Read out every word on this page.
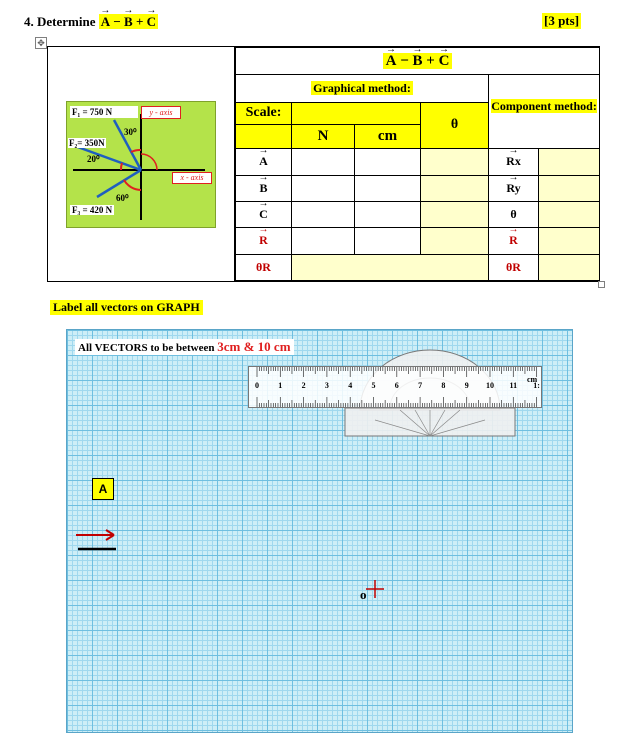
4. Determine → A − → B + → C	[3 pts]
✥
F₁ = 750 N	y - axis
F₂= 350N
30⁰
20⁰
x - axis
60⁰
F₃ = 420 N
→ A − → B + → C
Graphical method:				Component method:	
Scale:			θ		
	N	cm			
→ A				→ Rx	
→ B				→ Ry	
→ C				θ	
→ R				→ R	
θR				θR	
Label all vectors on GRAPH
All VECTORS to be between 3cm & 10 cm
0 1 2 3 4 5 6 7 8 9 10 11 1:
cm
A
o
